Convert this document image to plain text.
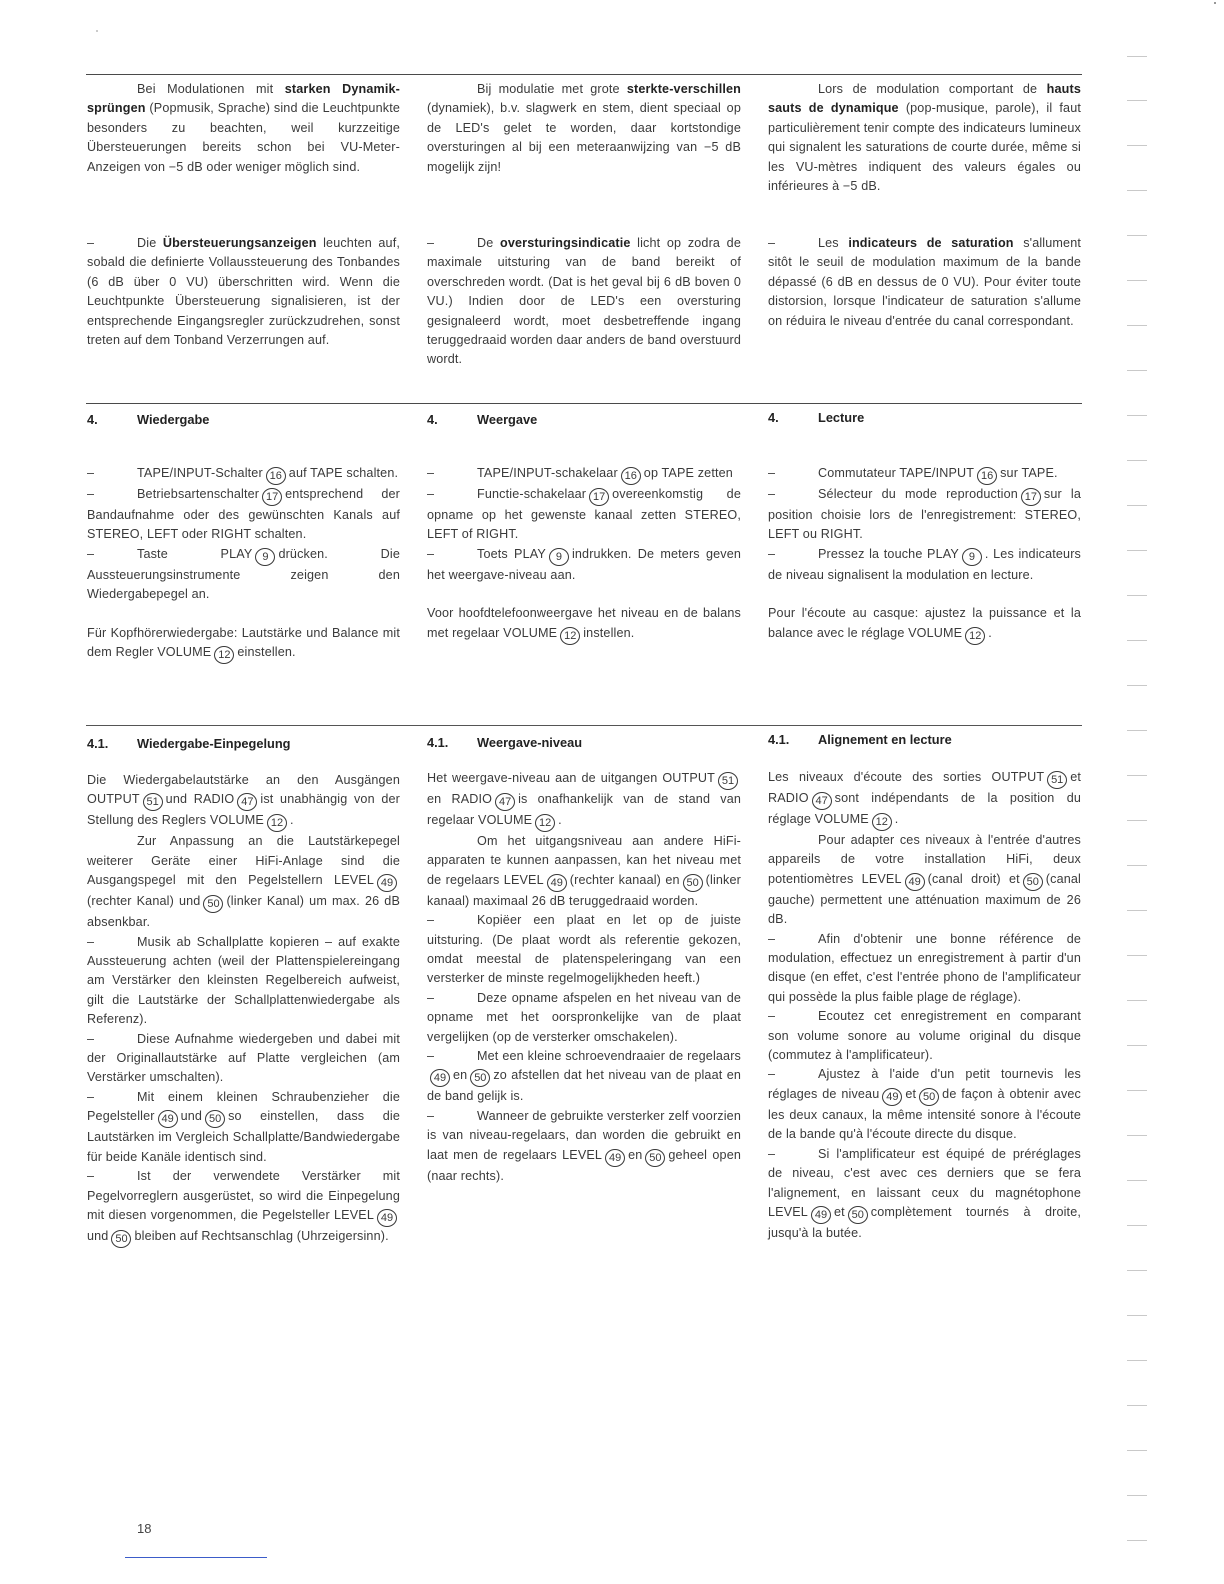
Bei Modulationen mit starken Dynamik-sprüngen (Popmusik, Sprache) sind die Leuchtpunkte besonders zu beachten, weil kurzzeitige Übersteuerungen bereits schon bei VU-Meter-Anzeigen von −5 dB oder weniger möglich sind.

Bij modulatie met grote sterkte-verschillen (dynamiek), b.v. slagwerk en stem, dient speciaal op de LED's gelet te worden, daar kortstondige oversturingen al bij een meteraanwijzing van −5 dB mogelijk zijn!

Lors de modulation comportant de hauts sauts de dynamique (pop-musique, parole), il faut particulièrement tenir compte des indicateurs lumineux qui signalent les saturations de courte durée, même si les VU-mètres indiquent des valeurs égales ou inférieures à −5 dB.

–	Die Übersteuerungsanzeigen leuchten auf, sobald die definierte Vollaussteuerung des Tonbandes (6 dB über 0 VU) überschritten wird. Wenn die Leuchtpunkte Übersteuerung signalisieren, ist der entsprechende Eingangsregler zurückzudrehen, sonst treten auf dem Tonband Verzerrungen auf.

–	De oversturingsindicatie licht op zodra de maximale uitsturing van de band bereikt of overschreden wordt. (Dat is het geval bij 6 dB boven 0 VU.) Indien door de LED's een oversturing gesignaleerd wordt, moet desbetreffende ingang teruggedraaid worden daar anders de band overstuurd wordt.

–	Les indicateurs de saturation s'allument sitôt le seuil de modulation maximum de la bande dépassé (6 dB en dessus de 0 VU). Pour éviter toute distorsion, lorsque l'indicateur de saturation s'allume on réduira le niveau d'entrée du canal correspondant.

4.	Wiedergabe	4.	Weergave	4.	Lecture

–	TAPE/INPUT-Schalter 16 auf TAPE schalten.

–	Betriebsartenschalter 17 entsprechend der Bandaufnahme oder des gewünschten Kanals auf STEREO, LEFT oder RIGHT schalten.

–	Taste PLAY 9 drücken. Die Aussteuerungsinstrumente zeigen den Wiedergabepegel an.

Für Kopfhörerwiedergabe: Lautstärke und Balance mit dem Regler VOLUME 12 einstellen.

–	TAPE/INPUT-schakelaar 16 op TAPE zetten

–	Functie-schakelaar 17 overeenkomstig de opname op het gewenste kanaal zetten STEREO, LEFT of RIGHT.

–	Toets PLAY 9 indrukken. De meters geven het weergave-niveau aan.

Voor hoofdtelefoonweergave het niveau en de balans met regelaar VOLUME 12 instellen.

–	Commutateur TAPE/INPUT 16 sur TAPE.

–	Sélecteur du mode reproduction 17 sur la position choisie lors de l'enregistrement: STEREO, LEFT ou RIGHT.

–	Pressez la touche PLAY 9 . Les indicateurs de niveau signalisent la modulation en lecture.

Pour l'écoute au casque: ajustez la puissance et la balance avec le réglage VOLUME 12 .

4.1. Wiedergabe-Einpegelung	4.1. Weergave-niveau	4.1. Alignement en lecture

Die Wiedergabelautstärke an den Ausgängen OUTPUT 51 und RADIO 47 ist unabhängig von der Stellung des Reglers VOLUME 12 .

Zur Anpassung an die Lautstärkepegel weiterer Geräte einer HiFi-Anlage sind die Ausgangspegel mit den Pegelstellern LEVEL 49(rechter Kanal) und 50 (linker Kanal) um max. 26 dB absenkbar.

–	Musik ab Schallplatte kopieren – auf exakte Aussteuerung achten (weil der Plattenspielereingang am Verstärker den kleinsten Regelbereich aufweist, gilt die Lautstärke der Schallplattenwiedergabe als Referenz).

–	Diese Aufnahme wiedergeben und dabei mit der Originallautstärke auf Platte vergleichen (am Verstärker umschalten).

–	Mit einem kleinen Schraubenzieher die Pegelsteller 49 und 50 so einstellen, dass die Lautstärken im Vergleich Schallplatte/Bandwiedergabe für beide Kanäle identisch sind.

–	Ist der verwendete Verstärker mit Pegelvorreglern ausgerüstet, so wird die Einpegelung mit diesen vorgenommen, die Pegelsteller LEVEL 49und 50 bleiben auf Rechtsanschlag (Uhrzeigersinn).

Het weergave-niveau aan de uitgangen OUTPUT 51en RADIO 47 is onafhankelijk van de stand van regelaar VOLUME 12 .

Om het uitgangsniveau aan andere HiFi-apparaten te kunnen aanpassen, kan het niveau met de regelaars LEVEL 49 (rechter kanaal) en 50 (linker kanaal) maximaal 26 dB teruggedraaid worden.

–	Kopiëer een plaat en let op de juiste uitsturing. (De plaat wordt als referentie gekozen, omdat meestal de platenspeleringang van een versterker de minste regelmogelijkheden heeft.)

–	Deze opname afspelen en het niveau van de opname met het oorspronkelijke van de plaat vergelijken (op de versterker omschakelen).

–	Met een kleine schroevendraaier de regelaars49 en 50 zo afstellen dat het niveau van de plaat en de band gelijk is.

–	Wanneer de gebruikte versterker zelf voorzien is van niveau-regelaars, dan worden die gebruikt en laat men de regelaars LEVEL 49 en 50 geheel open (naar rechts).

Les niveaux d'écoute des sorties OUTPUT 51 et RADIO 47 sont indépendants de la position du réglage VOLUME 12 .

Pour adapter ces niveaux à l'entrée d'autres appareils de votre installation HiFi, deux potentiomètres LEVEL 49 (canal droit) et 50 (canal gauche) permettent une atténuation maximum de 26 dB.

–	Afin d'obtenir une bonne référence de modulation, effectuez un enregistrement à partir d'un disque (en effet, c'est l'entrée phono de l'amplificateur qui possède la plus faible plage de réglage).

–	Ecoutez cet enregistrement en comparant son volume sonore au volume original du disque (commutez à l'amplificateur).

–	Ajustez à l'aide d'un petit tournevis les réglages de niveau 49 et 50 de façon à obtenir avec les deux canaux, la même intensité sonore à l'écoute de la bande qu'à l'écoute directe du disque.

–	Si l'amplificateur est équipé de préréglages de niveau, c'est avec ces derniers que se fera l'alignement, en laissant ceux du magnétophone LEVEL 49 et 50 complètement tournés à droite, jusqu'à la butée.

18
